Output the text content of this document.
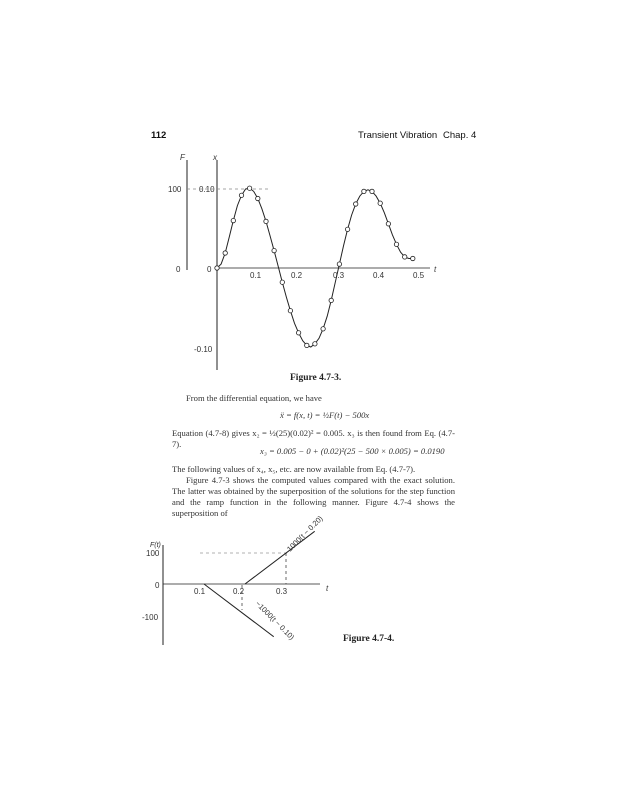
112	Transient Vibration Chap. 4
F
100
0
x
0.10
0
-0.10
t
0.1	0.2	0.3	0.4	0.5
Figure 4.7-3.
From the differential equation, we have
ẍ = f(x, t) = ½F(t) − 500x
Equation (4.7-8) gives x₂ = ½(25)(0.02)² = 0.005. x₃ is then found from Eq. (4.7-7).
x₃ = 0.005 − 0 + (0.02)²(25 − 500 × 0.005) = 0.0190
The following values of x₄, x₅, etc. are now available from Eq. (4.7-7).
Figure 4.7-3 shows the computed values compared with the exact solution. The latter was obtained by the superposition of the solutions for the step function and the ramp function in the following manner. Figure 4.7-4 shows the superposition of
F(t)
100
0
-100
t
0.1	0.2	0.3
1000(t − 0.20)
−1000(t − 0.10)	Figure 4.7-4.
